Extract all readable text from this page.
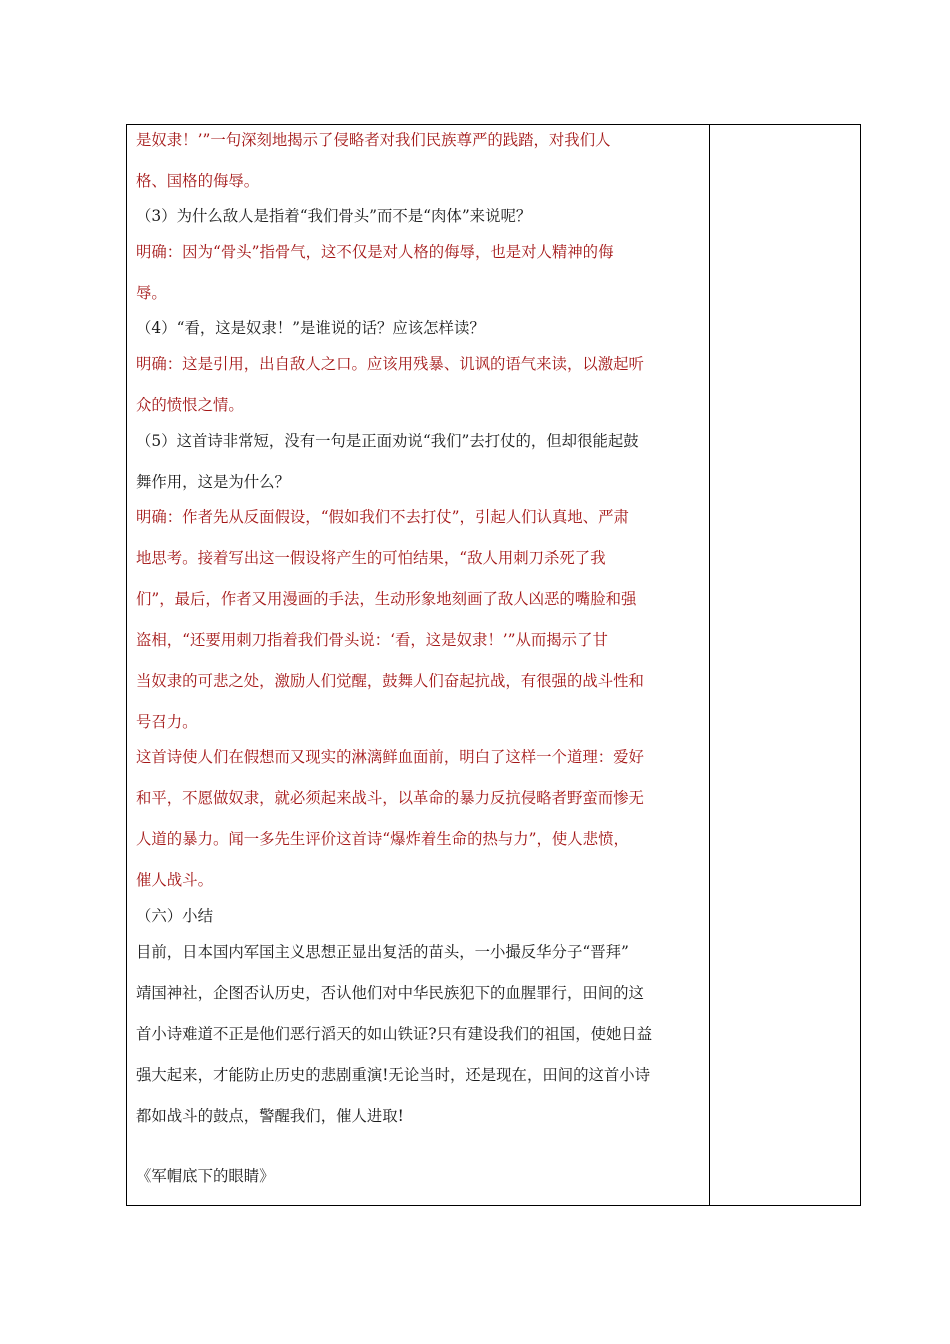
是奴隶！’”一句深刻地揭示了侵略者对我们民族尊严的践踏，对我们人
格、国格的侮辱。
（3）为什么敌人是指着“我们骨头”而不是“肉体”来说呢？
明确：因为“骨头”指骨气，这不仅是对人格的侮辱，也是对人精神的侮
辱。
（4）“看，这是奴隶！”是谁说的话？应该怎样读？
明确：这是引用，出自敌人之口。应该用残暴、讥讽的语气来读，以激起听
众的愤恨之情。
（5）这首诗非常短，没有一句是正面劝说“我们”去打仗的，但却很能起鼓
舞作用，这是为什么？
明确：作者先从反面假设，“假如我们不去打仗”，引起人们认真地、严肃
地思考。接着写出这一假设将产生的可怕结果，“敌人用刺刀杀死了我
们”，最后，作者又用漫画的手法，生动形象地刻画了敌人凶恶的嘴脸和强
盗相，“还要用刺刀指着我们骨头说：‘看，这是奴隶！’”从而揭示了甘
当奴隶的可悲之处，激励人们觉醒，鼓舞人们奋起抗战，有很强的战斗性和
号召力。
这首诗使人们在假想而又现实的淋漓鲜血面前，明白了这样一个道理：爱好
和平，不愿做奴隶，就必须起来战斗，以革命的暴力反抗侵略者野蛮而惨无
人道的暴力。闻一多先生评价这首诗“爆炸着生命的热与力”，使人悲愤，
催人战斗。
（六）小结
目前，日本国内军国主义思想正显出复活的苗头，一小撮反华分子“晋拜”
靖国神社，企图否认历史，否认他们对中华民族犯下的血腥罪行，田间的这
首小诗难道不正是他们恶行滔天的如山铁证?只有建设我们的祖国，使她日益
强大起来，才能防止历史的悲剧重演!无论当时，还是现在，田间的这首小诗
都如战斗的鼓点，警醒我们，催人进取!
《军帽底下的眼睛》
